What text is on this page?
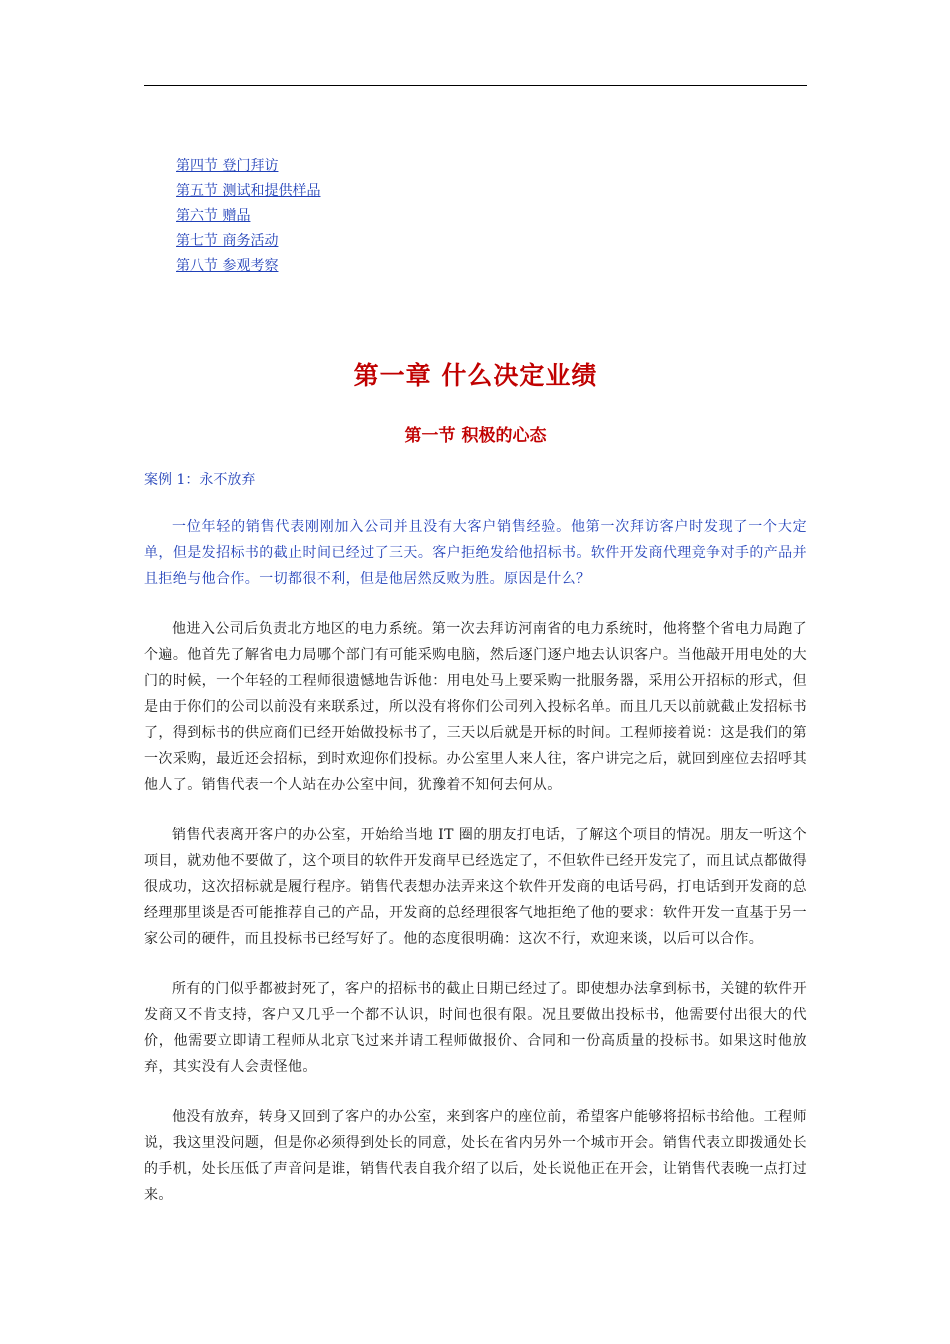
第四节 登门拜访
第五节 测试和提供样品
第六节 赠品
第七节 商务活动
第八节 参观考察
第一章 什么决定业绩
第一节 积极的心态
案例 1：永不放弃

一位年轻的销售代表刚刚加入公司并且没有大客户销售经验。他第一次拜访客户时发现了一个大定单，但是发招标书的截止时间已经过了三天。客户拒绝发给他招标书。软件开发商代理竞争对手的产品并且拒绝与他合作。一切都很不利，但是他居然反败为胜。原因是什么？

他进入公司后负责北方地区的电力系统。第一次去拜访河南省的电力系统时，他将整个省电力局跑了个遍。他首先了解省电力局哪个部门有可能采购电脑，然后逐门逐户地去认识客户。当他敲开用电处的大门的时候，一个年轻的工程师很遗憾地告诉他：用电处马上要采购一批服务器，采用公开招标的形式，但是由于你们的公司以前没有来联系过，所以没有将你们公司列入投标名单。而且几天以前就截止发招标书了，得到标书的供应商们已经开始做投标书了，三天以后就是开标的时间。工程师接着说：这是我们的第一次采购，最近还会招标，到时欢迎你们投标。办公室里人来人往，客户讲完之后，就回到座位去招呼其他人了。销售代表一个人站在办公室中间，犹豫着不知何去何从。

销售代表离开客户的办公室，开始给当地 IT 圈的朋友打电话，了解这个项目的情况。朋友一听这个项目，就劝他不要做了，这个项目的软件开发商早已经选定了，不但软件已经开发完了，而且试点都做得很成功，这次招标就是履行程序。销售代表想办法弄来这个软件开发商的电话号码，打电话到开发商的总经理那里谈是否可能推荐自己的产品，开发商的总经理很客气地拒绝了他的要求：软件开发一直基于另一家公司的硬件，而且投标书已经写好了。他的态度很明确：这次不行，欢迎来谈，以后可以合作。

所有的门似乎都被封死了，客户的招标书的截止日期已经过了。即使想办法拿到标书，关键的软件开发商又不肯支持，客户又几乎一个都不认识，时间也很有限。况且要做出投标书，他需要付出很大的代价，他需要立即请工程师从北京飞过来并请工程师做报价、合同和一份高质量的投标书。如果这时他放弃，其实没有人会责怪他。

他没有放弃，转身又回到了客户的办公室，来到客户的座位前，希望客户能够将招标书给他。工程师说，我这里没问题，但是你必须得到处长的同意，处长在省内另外一个城市开会。销售代表立即拨通处长的手机，处长压低了声音问是谁，销售代表自我介绍了以后，处长说他正在开会，让销售代表晚一点打过来。
